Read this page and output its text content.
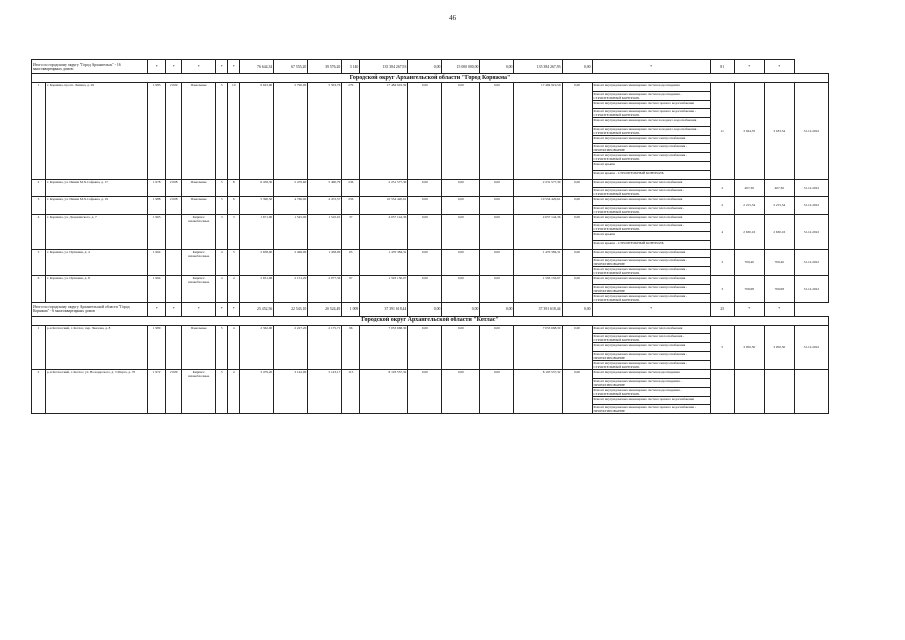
46
Итого по городскому округу "Город Архангельск" - 16 многоквартирных домов:		*	*	*	*	*	76 644,34	67 555,20	39 576,20	3 140	135 384 267,93	0,00	15 000 000,00	0,00	135 384 267,93	0,00	*	81	*	*	
Городской округ Архангельской области "Город Коряжма"																					
1	г. Коряжма, просп. Ленина, д. 29	1 983	2 009	Панельные	5	10	6 623,00	5 790,00	5 503,76	270	17 484 919,59	0,00	0,00	0,00	17 484 919,59	0,00	Ремонт внутридомовых инженерных систем водоотведения	11	3 044,35	3 183,54	31.12.2022
																	Ремонт внутридомовых инженерных систем водоотведения - СТРОИТЕЛЬНЫЙ КОНТРОЛЬ				
																	Ремонт внутридомовых инженерных систем горячего водоснабжения				
																	Ремонт внутридомовых инженерных систем горячего водоснабжения - СТРОИТЕЛЬНЫЙ КОНТРОЛЬ				
																	Ремонт внутридомовых инженерных систем холодного водоснабжения				
																	Ремонт внутридомовых инженерных систем холодного водоснабжения - СТРОИТЕЛЬНЫЙ КОНТРОЛЬ				
																	Ремонт внутридомовых инженерных систем электроснабжения				
																	Ремонт внутридомовых инженерных систем электроснабжения - ПРОЕКТИРОВАНИЕ				
																	Ремонт внутридомовых инженерных систем электроснабжения - СТРОИТЕЛЬНЫЙ КОНТРОЛЬ				
																	Ремонт крыши				
																	Ремонт крыши - СТРОИТЕЛЬНЫЙ КОНТРОЛЬ				
2	г. Коряжма, ул. Имени М.Х.Сафьяна, д. 17	1 978	2 008	Панельные	5	8	6 459,30	5 470,60	5 460,79	236	2 231 577,30	0,00	0,00	0,00	2 231 577,30	0,00	Ремонт внутридомовых инженерных систем теплоснабжения	2	407,36	407,36	31.12.2022
																	Ремонт внутридомовых инженерных систем теплоснабжения - СТРОИТЕЛЬНЫЙ КОНТРОЛЬ				
3	г. Коряжма, ул. Имени М.Х.Сафьяна, д. 19	1 988	2 008	Панельные	5	6	5 390,50	4 760,00	4 472,57	256	10 554 420,61	0,00	0,00	0,00	10 554 420,61	0,00	Ремонт внутридомовых инженерных систем теплоснабжения	2	2 215,34	2 215,34	31.12.2022
																	Ремонт внутридомовых инженерных систем теплоснабжения - СТРОИТЕЛЬНЫЙ КОНТРОЛЬ				
4	г. Коряжма, ул. Дзержинского, д. 7	1 965		Кирпич/ шлакоблочные	3	3	1 671,00	1 545,00	1 510,01	37	4 057 144,36	0,00	0,00	0,00	4 057 144,36	0,00	Ремонт внутридомовых инженерных систем теплоснабжения	4	2 630,16	2 630,16	31.12.2022
																	Ремонт внутридомовых инженерных систем теплоснабжения - СТРОИТЕЛЬНЫЙ КОНТРОЛЬ				
																	Ремонт крыши				
																	Ремонт крыши - СТРОИТЕЛЬНЫЙ КОНТРОЛЬ				
5	г. Коряжма, ул. Пушкина, д. 4	1 964		Кирпич/ шлакоблочные	4	3	2 658,00	2 466,00	1 458,00	65	1 470 384,31	0,00	0,00	0,00	1 470 384,31	0,00	Ремонт внутридомовых инженерных систем электроснабжения	3	709,40	709,40	31.12.2022
																	Ремонт внутридомовых инженерных систем электроснабжения - ПРОЕКТИРОВАНИЕ				
																	Ремонт внутридомовых инженерных систем электроснабжения - СТРОИТЕЛЬНЫЙ КОНТРОЛЬ				
6	г. Коряжма, ул. Пушкина, д. 8	1 964		Кирпич/ шлакоблочные	4	4	2 651,06	2 151,20	2 077,36	97	1 593 150,07	0,00	0,00	0,00	1 593 150,07	0,00	Ремонт внутридомовых инженерных систем электроснабжения	3	709,68	709,68	31.12.2022
																	Ремонт внутридомовых инженерных систем электроснабжения - ПРОЕКТИРОВАНИЕ				
																	Ремонт внутридомовых инженерных систем электроснабжения - СТРОИТЕЛЬНЫЙ КОНТРОЛЬ				
Итого по городскому округу Архангельской области "Город Коряжма" - 6 многоквартирных домов		*	*	*	*	*	25 452,56	22 543,10	20 524,49	1 009	37 391 618,44	0,00	0,00	0,00	37 391 618,44	0,00	*	25	*	*	
Городской округ Архангельской области "Котлас"																					
1	р-н Котласский, г. Котлас, пер. Чкалова, д. 8	1 980		Панельные	5	4	2 362,00	2 227,20	2 175,71	96	7 053 668,30	0,00	0,00	0,00	7 053 668,30	0,00	Ремонт внутридомовых инженерных систем теплоснабжения	5	3 050,50	3 050,50	31.12.2022
																	Ремонт внутридомовых инженерных систем теплоснабжения - СТРОИТЕЛЬНЫЙ КОНТРОЛЬ				
																	Ремонт внутридомовых инженерных систем электроснабжения				
																	Ремонт внутридомовых инженерных систем электроснабжения - ПРОЕКТИРОВАНИЕ				
																	Ремонт внутридомовых инженерных систем электроснабжения - СТРОИТЕЛЬНЫЙ КОНТРОЛЬ				
2	р-н Котласский, г. Котлас, ул. Володарского, д. 3 Марта, д. 70	1 972	2 009	Кирпич/ шлакоблочные	5	4	3 479,20	3 142,00	3 143,17	115	8 103 557,32	0,00	0,00	0,00	8 103 557,32	0,00	Ремонт внутридомовых инженерных систем водоотведения				
																	Ремонт внутридомовых инженерных систем водоотведения - ПРОЕКТИРОВАНИЕ				
																	Ремонт внутридомовых инженерных систем водоотведения - СТРОИТЕЛЬНЫЙ КОНТРОЛЬ				
																	Ремонт внутридомовых инженерных систем горячего водоснабжения				
																	Ремонт внутридомовых инженерных систем горячего водоснабжения - ПРОЕКТИРОВАНИЕ				
